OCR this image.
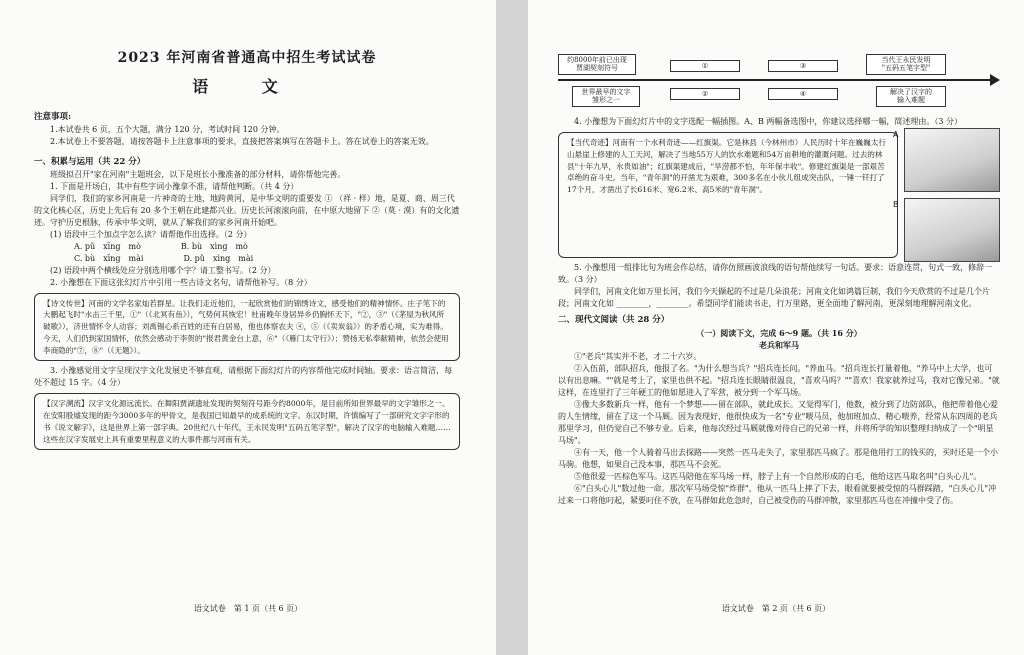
2023 年河南省普通高中招生考试试卷
语 文
注意事项:
1.本试卷共 6 页，五个大题，满分 120 分，考试时间 120 分钟。
2.本试卷上不要答题，请按答题卡上注意事项的要求，直接把答案填写在答题卡上。答在试卷上的答案无效。
一、积累与运用（共 22 分）
班级拟召开"家在河南"主题班会，以下是班长小豫准备的部分材料，请你帮他完善。
1. 下面是开场白，其中有些字词小豫拿不准，请帮他判断。（共 4 分）
同学们，我们的家乡河南是一片神奇的土地，地跨黄河，是中华文明的重要发 ① （祥 · 样）地，是夏、商、周三代的文化核心区，历史上先后有 20 多个王朝在此建都兴业。历史长河滚滚向前，在中原大地留下 ②（莫 · 漠）有的文化遗迹。守护历史根脉，传承中华文明，就从了解我们的家乡河南开始吧。
(1) 语段中三个加点字怎么读？请帮他作出选择。（2 分）
A. pǔ　xīng　mò	B. bù　xìng　mò
C. bù　xīng　mài	D. pǔ　xìng　mài
(2) 语段中两个横线处应分别选用哪个字？请工整书写。（2 分）
2. 小豫想在下面这张幻灯片中引用一些古诗文名句，请帮他补写。（8 分）
【诗文传世】河南的文学名家灿若群星。让我们走近他们，一起欣赏他们的锦绣诗文，感受他们的精神情怀。庄子笔下的大鹏起飞时"水击三千里，①"（《北冥有鱼》），气势何其恢宏！杜甫晚年身居异乡仍胸怀天下，"②，③"（《茅屋为秋风所破歌》），济世情怀令人动容；刘禹锡心系百姓的还有白居易，他也体察农夫 ④，⑤（《卖炭翁》）的矛盾心境，实为难得。今天，人们仍到家国情怀，依然会感动于李贺的"报君黄金台上意，⑥"（《雁门太守行》）；赞扬无私奉献精神，依然会使用李商隐的"⑦，⑧"（《无题》）。
3. 小豫感觉用文字呈现汉字文化发展史不够直观，请根据下面幻灯片的内容帮他完成时间轴。要求：语言简洁，每处不超过 15 字。（4 分）
【汉字溯流】汉字文化源远流长。在舞阳贾湖遗址发现的契刻符号距今约8000年，是目前所知世界最早的文字雏形之一。在安阳殷墟发现的距今3000多年的甲骨文，是我国已知最早的成系统的文字。东汉时期，许慎编写了一部研究文字字形的书《说文解字》，这是世界上第一部字典。20世纪八十年代，王永民发明"五码五笔字型"，解决了汉字的电脑输入难题……这些在汉字发展史上具有重要里程意义的大事件都与河南有关。
语文试卷　第 1 页（共 6 页）
约8000年前已出现
贾湖契刻符号	①	③
当代王永民发明
"五码五笔字型"
世界最早的文字
雏形之一
②	④	解决了汉字的
输入难题
4. 小豫想为下面幻灯片中的文字选配一幅插图。A、B 两幅备选图中，你建议选择哪一幅，简述理由。（3 分）
【当代奇迹】河南有一个水利奇迹——红旗渠。它是林县（今林州市）人民历时十年在巍巍太行山悬崖上修建的人工天河，解决了当地55万人的饮水难题和54万亩耕地的灌溉问题。过去的林县"十年九旱，水贵如油"；红旗渠建成后，"旱涝都不怕，年年保丰收"。修建红旗渠是一部艰苦卓绝的奋斗史。当年，"青年洞"的开凿尤为艰难，300多名在小伙儿组成突击队，一锤一钎打了17个月，才凿出了长616米、宽6.2米、高5米的"青年洞"。
A
B
5. 小豫想用一组排比句为班会作总结，请你仿照画波浪线的语句帮他续写一句话。要求：语意连贯，句式一致，修辞一致。（3 分）
同学们，河南文化如万里长河，我们今天撷起的不过是几朵浪花；河南文化如鸿篇巨制，我们今天欣赏的不过是几个片段；河南文化如 ________，________。希望同学们能读书走，行万里路，更全面地了解河南，更深刻地理解河南文化。
二、现代文阅读（共 28 分）
（一）阅读下文，完成 6～9 题。（共 16 分）
老兵和军马
①"老兵"其实并不老，才二十六岁。
②入伍前，部队招兵，他报了名。"为什么想当兵？"招兵连长问。"养血马。"招兵连长打量着他，"养马中上大学，也可以有出息嘛。""就是考上了，家里也供不起。"招兵连长眼睛很温良，"喜欢马吗？""喜欢！我家就养过马，我对它像兄弟。"就这样，在连里打了三年硬工的他如愿进入了军营，被分到一个军马场。
③像大多数新兵一样，他有一个梦想——留在部队，就此成长。又觉得军门，他数，被分到了边防部队，他把带着他心爱的人生情缘，留在了这一个马厩。因为表现好，他很快成为一名"专业"喂马员，他加班加点、精心喂养，经常从东四周的老兵那里学习，但仍觉自己不够专业。后来，他每次经过马厩就像对待自己的兄弟一样，并将所学的知识整理归纳成了一个"明星马场"。
④有一天，他一个人骑着马出去探路——突然一匹马走失了，家里那匹马疯了。那是他用打工的钱买的，买时还是一个小马驹。他想，如果自己没本事，那匹马不会死。
⑤他很爱一匹棕色军马。这匹马陪他在军马场一样，脖子上有一个自然形成的白毛，他给这匹马取名叫"白头心儿"。
⑥"白头心儿"数过他一命。那次军马场受惊"炸群"，他从一匹马上摔了下去，眼看就要被受惊的马群踩踏，"白头心儿"冲过来一口将他叼起，紧要叼住不放，在马群如此危急时，自己被受伤的马群冲散，家里那匹马也在冲撞中受了伤。
语文试卷　第 2 页（共 6 页）
